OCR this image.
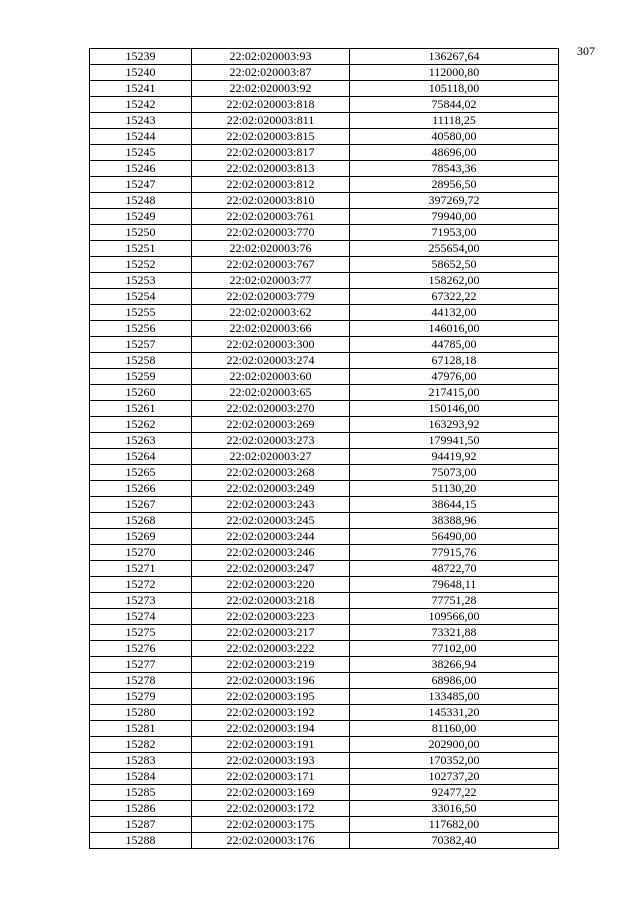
307
15239	22:02:020003:93	136267,64
15240	22:02:020003:87	112000,80
15241	22:02:020003:92	105118,00
15242	22:02:020003:818	75844,02
15243	22:02:020003:811	11118,25
15244	22:02:020003:815	40580,00
15245	22:02:020003:817	48696,00
15246	22:02:020003:813	78543,36
15247	22:02:020003:812	28956,50
15248	22:02:020003:810	397269,72
15249	22:02:020003:761	79940,00
15250	22:02:020003:770	71953,00
15251	22:02:020003:76	255654,00
15252	22:02:020003:767	58652,50
15253	22:02:020003:77	158262,00
15254	22:02:020003:779	67322,22
15255	22:02:020003:62	44132,00
15256	22:02:020003:66	146016,00
15257	22:02:020003:300	44785,00
15258	22:02:020003:274	67128,18
15259	22:02:020003:60	47976,00
15260	22:02:020003:65	217415,00
15261	22:02:020003:270	150146,00
15262	22:02:020003:269	163293,92
15263	22:02:020003:273	179941,50
15264	22:02:020003:27	94419,92
15265	22:02:020003:268	75073,00
15266	22:02:020003:249	51130,20
15267	22:02:020003:243	38644,15
15268	22:02:020003:245	38388,96
15269	22:02:020003:244	56490,00
15270	22:02:020003:246	77915,76
15271	22:02:020003:247	48722,70
15272	22:02:020003:220	79648,11
15273	22:02:020003:218	77751,28
15274	22:02:020003:223	109566,00
15275	22:02:020003:217	73321,88
15276	22:02:020003:222	77102,00
15277	22:02:020003:219	38266,94
15278	22:02:020003:196	68986,00
15279	22:02:020003:195	133485,00
15280	22:02:020003:192	145331,20
15281	22:02:020003:194	81160,00
15282	22:02:020003:191	202900,00
15283	22:02:020003:193	170352,00
15284	22:02:020003:171	102737,20
15285	22:02:020003:169	92477,22
15286	22:02:020003:172	33016,50
15287	22:02:020003:175	117682,00
15288	22:02:020003:176	70382,40
